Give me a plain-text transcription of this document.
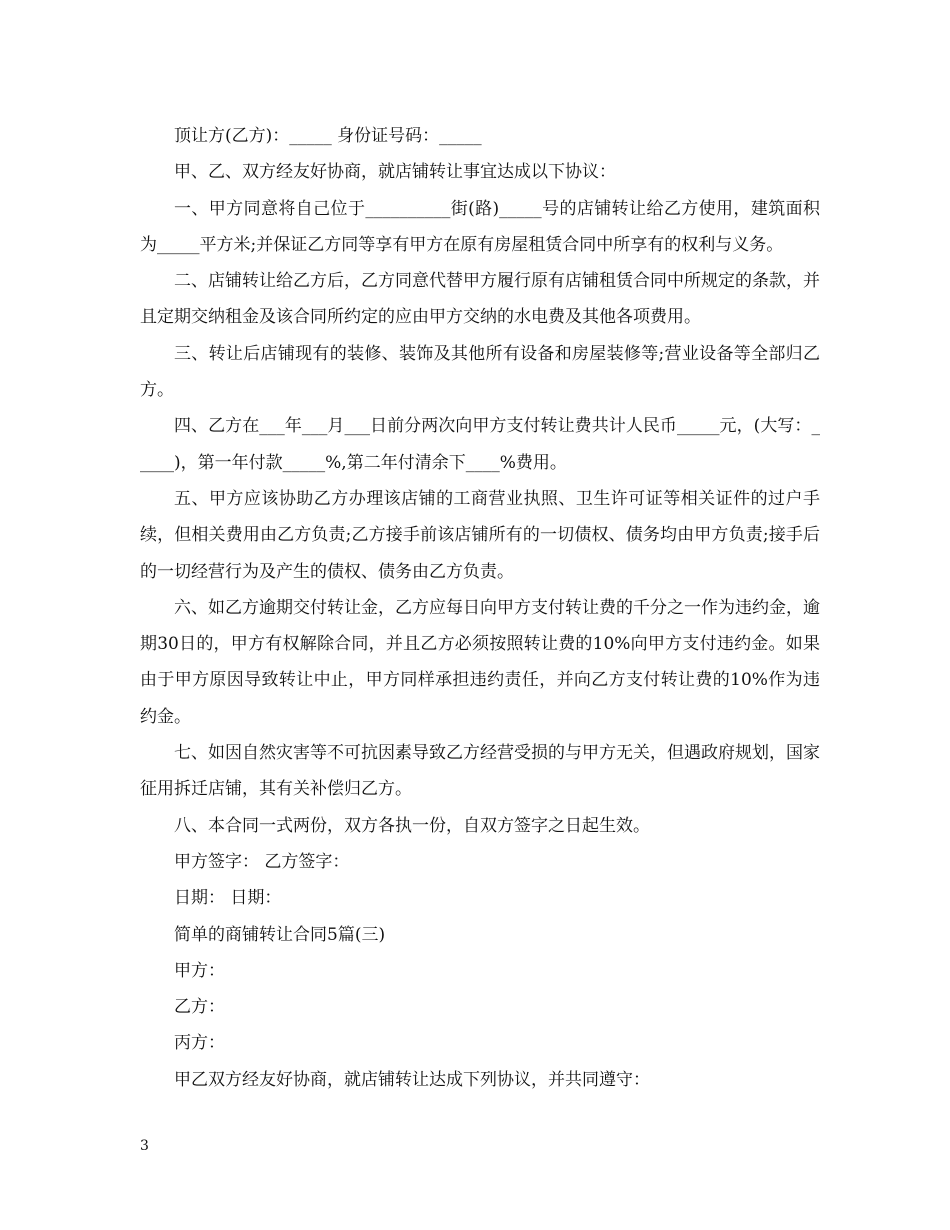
顶让方(乙方)：_____ 身份证号码：_____

甲、乙、双方经友好协商，就店铺转让事宜达成以下协议：

一、甲方同意将自己位于__________街(路)_____号的店铺转让给乙方使用，建筑面积为_____平方米;并保证乙方同等享有甲方在原有房屋租赁合同中所享有的权利与义务。

二、店铺转让给乙方后，乙方同意代替甲方履行原有店铺租赁合同中所规定的条款，并且定期交纳租金及该合同所约定的应由甲方交纳的水电费及其他各项费用。

三、转让后店铺现有的装修、装饰及其他所有设备和房屋装修等;营业设备等全部归乙方。

四、乙方在___年___月___日前分两次向甲方支付转让费共计人民币_____元，(大写：_____)，第一年付款_____%,第二年付清余下____%费用。

五、甲方应该协助乙方办理该店铺的工商营业执照、卫生许可证等相关证件的过户手续，但相关费用由乙方负责;乙方接手前该店铺所有的一切债权、债务均由甲方负责;接手后的一切经营行为及产生的债权、债务由乙方负责。

六、如乙方逾期交付转让金，乙方应每日向甲方支付转让费的千分之一作为违约金，逾期30日的，甲方有权解除合同，并且乙方必须按照转让费的10%向甲方支付违约金。如果由于甲方原因导致转让中止，甲方同样承担违约责任，并向乙方支付转让费的10%作为违约金。

七、如因自然灾害等不可抗因素导致乙方经营受损的与甲方无关，但遇政府规划，国家征用拆迁店铺，其有关补偿归乙方。

八、本合同一式两份，双方各执一份，自双方签字之日起生效。

甲方签字： 乙方签字：

日期： 日期：

简单的商铺转让合同5篇(三)

甲方：

乙方：

丙方：

甲乙双方经友好协商，就店铺转让达成下列协议，并共同遵守：

3
